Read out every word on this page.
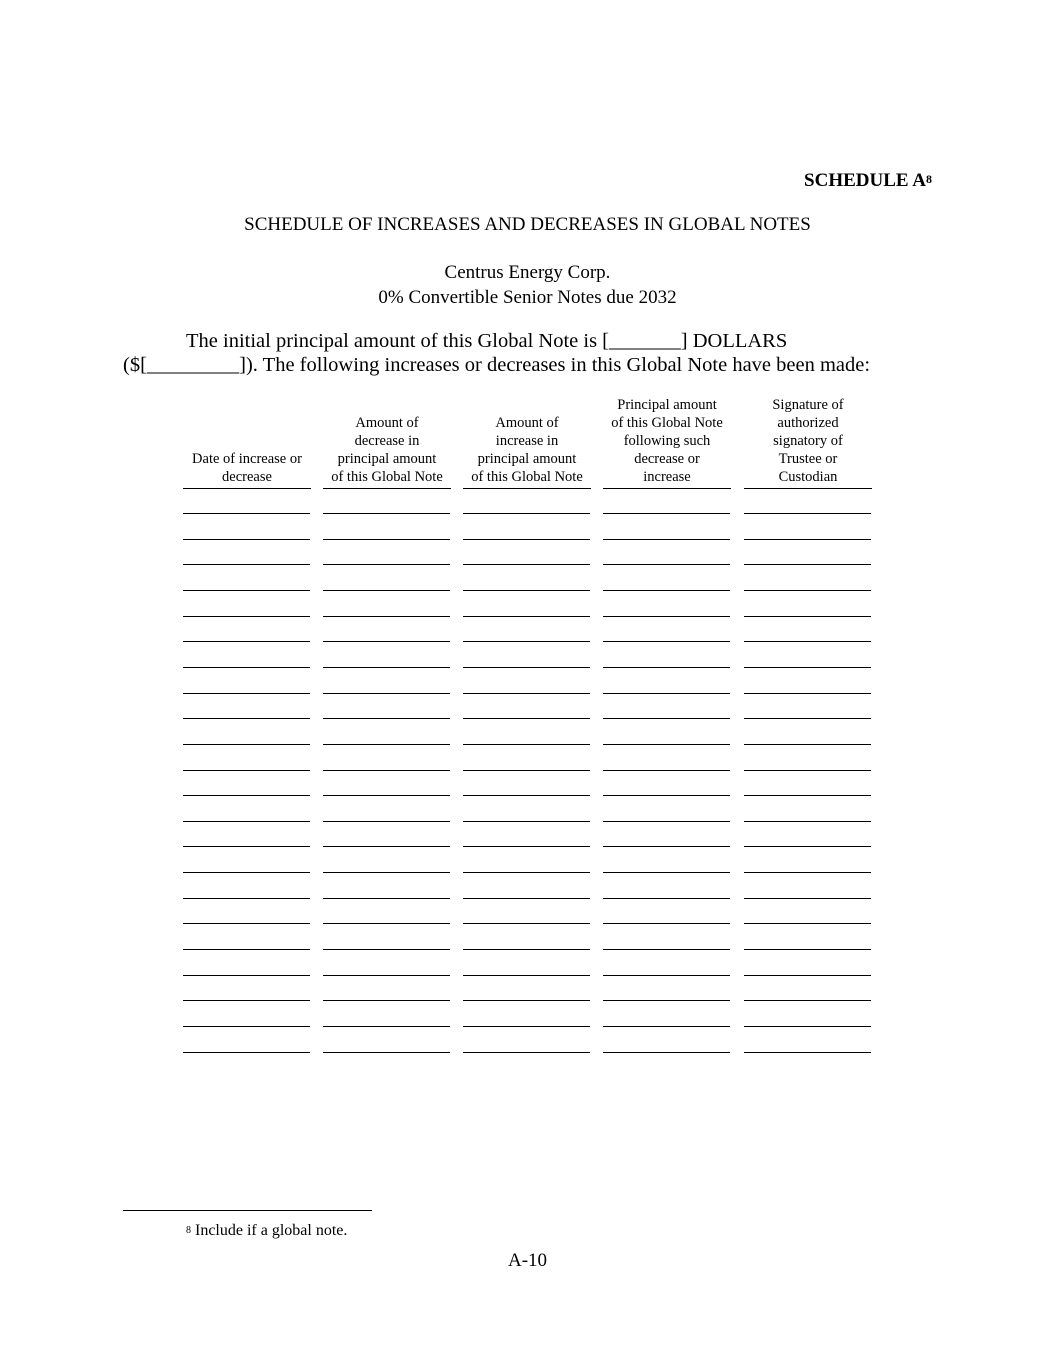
SCHEDULE $A^8$
SCHEDULE OF INCREASES AND DECREASES IN GLOBAL NOTES
Centrus Energy Corp.
0% Convertible Senior Notes due 2032
The initial principal amount of this Global Note is [_______] DOLLARS
($[_________]). The following increases or decreases in this Global Note have been made:
Date of increase or
decrease
Amount of
decrease in
principal amount
of this Global Note
Amount of
increase in
principal amount
of this Global Note
Principal amount
of this Global Note
following such
decrease or
increase
Signature of
authorized
signatory of
Trustee or
Custodian
$^8$ Include if a global note.
A-10
